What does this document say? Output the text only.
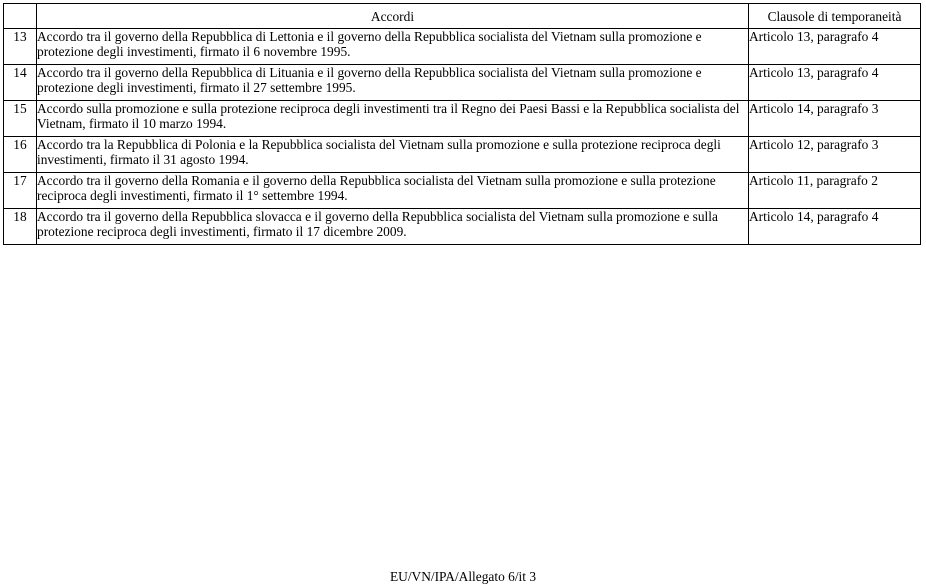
	Accordi	Clausole di temporaneità
13	Accordo tra il governo della Repubblica di Lettonia e il governo della Repubblica socialista del Vietnam sulla promozione e protezione degli investimenti, firmato il 6 novembre 1995.	Articolo 13, paragrafo 4
14	Accordo tra il governo della Repubblica di Lituania e il governo della Repubblica socialista del Vietnam sulla promozione e protezione degli investimenti, firmato il 27 settembre 1995.	Articolo 13, paragrafo 4
15	Accordo sulla promozione e sulla protezione reciproca degli investimenti tra il Regno dei Paesi Bassi e la Repubblica socialista del Vietnam, firmato il 10 marzo 1994.	Articolo 14, paragrafo 3
16	Accordo tra la Repubblica di Polonia e la Repubblica socialista del Vietnam sulla promozione e sulla protezione reciproca degli investimenti, firmato il 31 agosto 1994.	Articolo 12, paragrafo 3
17	Accordo tra il governo della Romania e il governo della Repubblica socialista del Vietnam sulla promozione e sulla protezione reciproca degli investimenti, firmato il 1° settembre 1994.	Articolo 11, paragrafo 2
18	Accordo tra il governo della Repubblica slovacca e il governo della Repubblica socialista del Vietnam sulla promozione e sulla protezione reciproca degli investimenti, firmato il 17 dicembre 2009.	Articolo 14, paragrafo 4
EU/VN/IPA/Allegato 6/it 3
